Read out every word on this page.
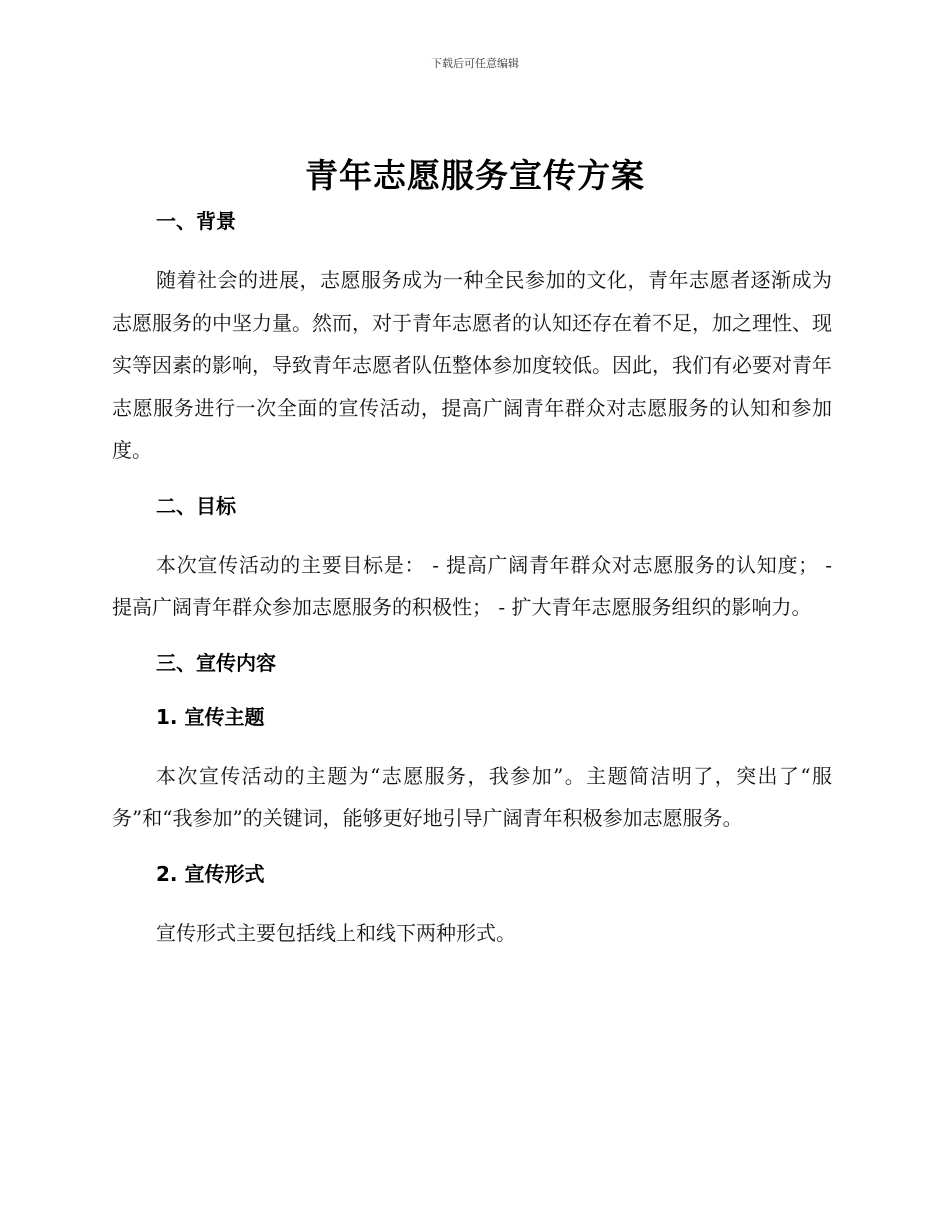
下载后可任意编辑
青年志愿服务宣传方案
一、背景
随着社会的进展，志愿服务成为一种全民参加的文化，青年志愿者逐渐成为志愿服务的中坚力量。然而，对于青年志愿者的认知还存在着不足，加之理性、现实等因素的影响，导致青年志愿者队伍整体参加度较低。因此，我们有必要对青年志愿服务进行一次全面的宣传活动，提高广阔青年群众对志愿服务的认知和参加度。
二、目标
本次宣传活动的主要目标是： - 提高广阔青年群众对志愿服务的认知度； - 提高广阔青年群众参加志愿服务的积极性； - 扩大青年志愿服务组织的影响力。
三、宣传内容
1. 宣传主题
本次宣传活动的主题为“志愿服务，我参加”。主题简洁明了，突出了“服务”和“我参加”的关键词，能够更好地引导广阔青年积极参加志愿服务。
2. 宣传形式
宣传形式主要包括线上和线下两种形式。
